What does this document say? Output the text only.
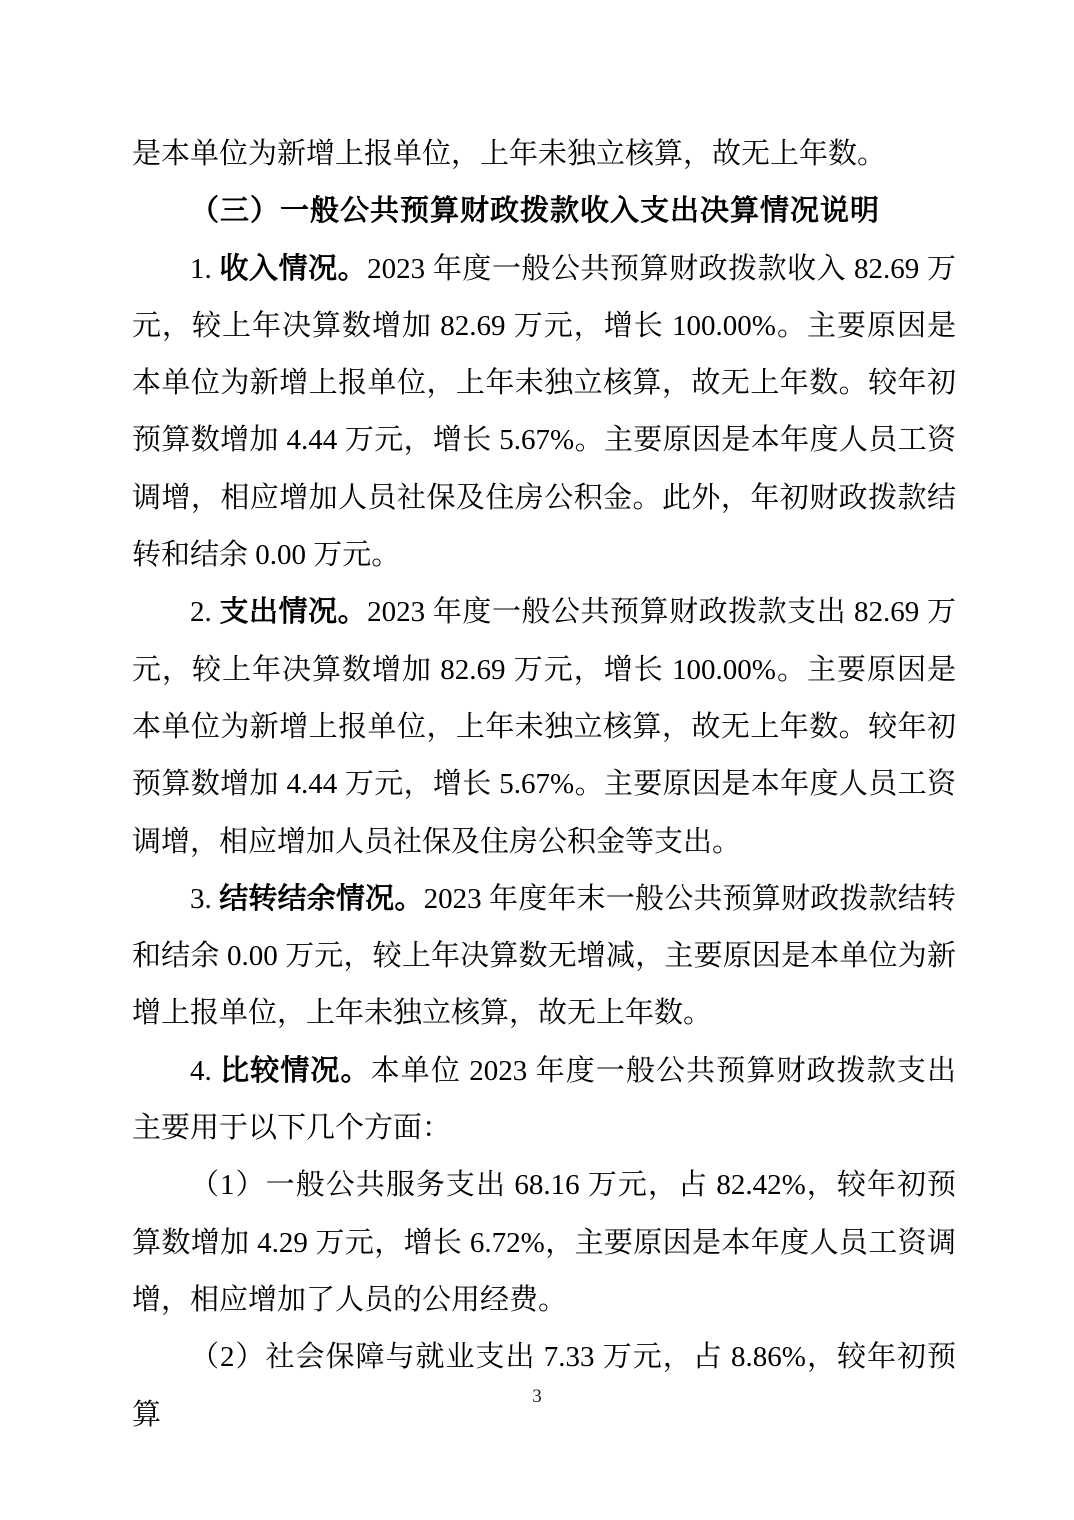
是本单位为新增上报单位，上年未独立核算，故无上年数。

（三）一般公共预算财政拨款收入支出决算情况说明

1. 收入情况。2023 年度一般公共预算财政拨款收入 82.69 万元，较上年决算数增加 82.69 万元，增长 100.00%。主要原因是本单位为新增上报单位，上年未独立核算，故无上年数。较年初预算数增加 4.44 万元，增长 5.67%。主要原因是本年度人员工资调增，相应增加人员社保及住房公积金。此外，年初财政拨款结转和结余 0.00 万元。

2. 支出情况。2023 年度一般公共预算财政拨款支出 82.69 万元，较上年决算数增加 82.69 万元，增长 100.00%。主要原因是本单位为新增上报单位，上年未独立核算，故无上年数。较年初预算数增加 4.44 万元，增长 5.67%。主要原因是本年度人员工资调增，相应增加人员社保及住房公积金等支出。

3. 结转结余情况。2023 年度年末一般公共预算财政拨款结转和结余 0.00 万元，较上年决算数无增减，主要原因是本单位为新增上报单位，上年未独立核算，故无上年数。

4. 比较情况。本单位 2023 年度一般公共预算财政拨款支出主要用于以下几个方面：

（1）一般公共服务支出 68.16 万元，占 82.42%，较年初预算数增加 4.29 万元，增长 6.72%，主要原因是本年度人员工资调增，相应增加了人员的公用经费。

（2）社会保障与就业支出 7.33 万元，占 8.86%，较年初预算

3
